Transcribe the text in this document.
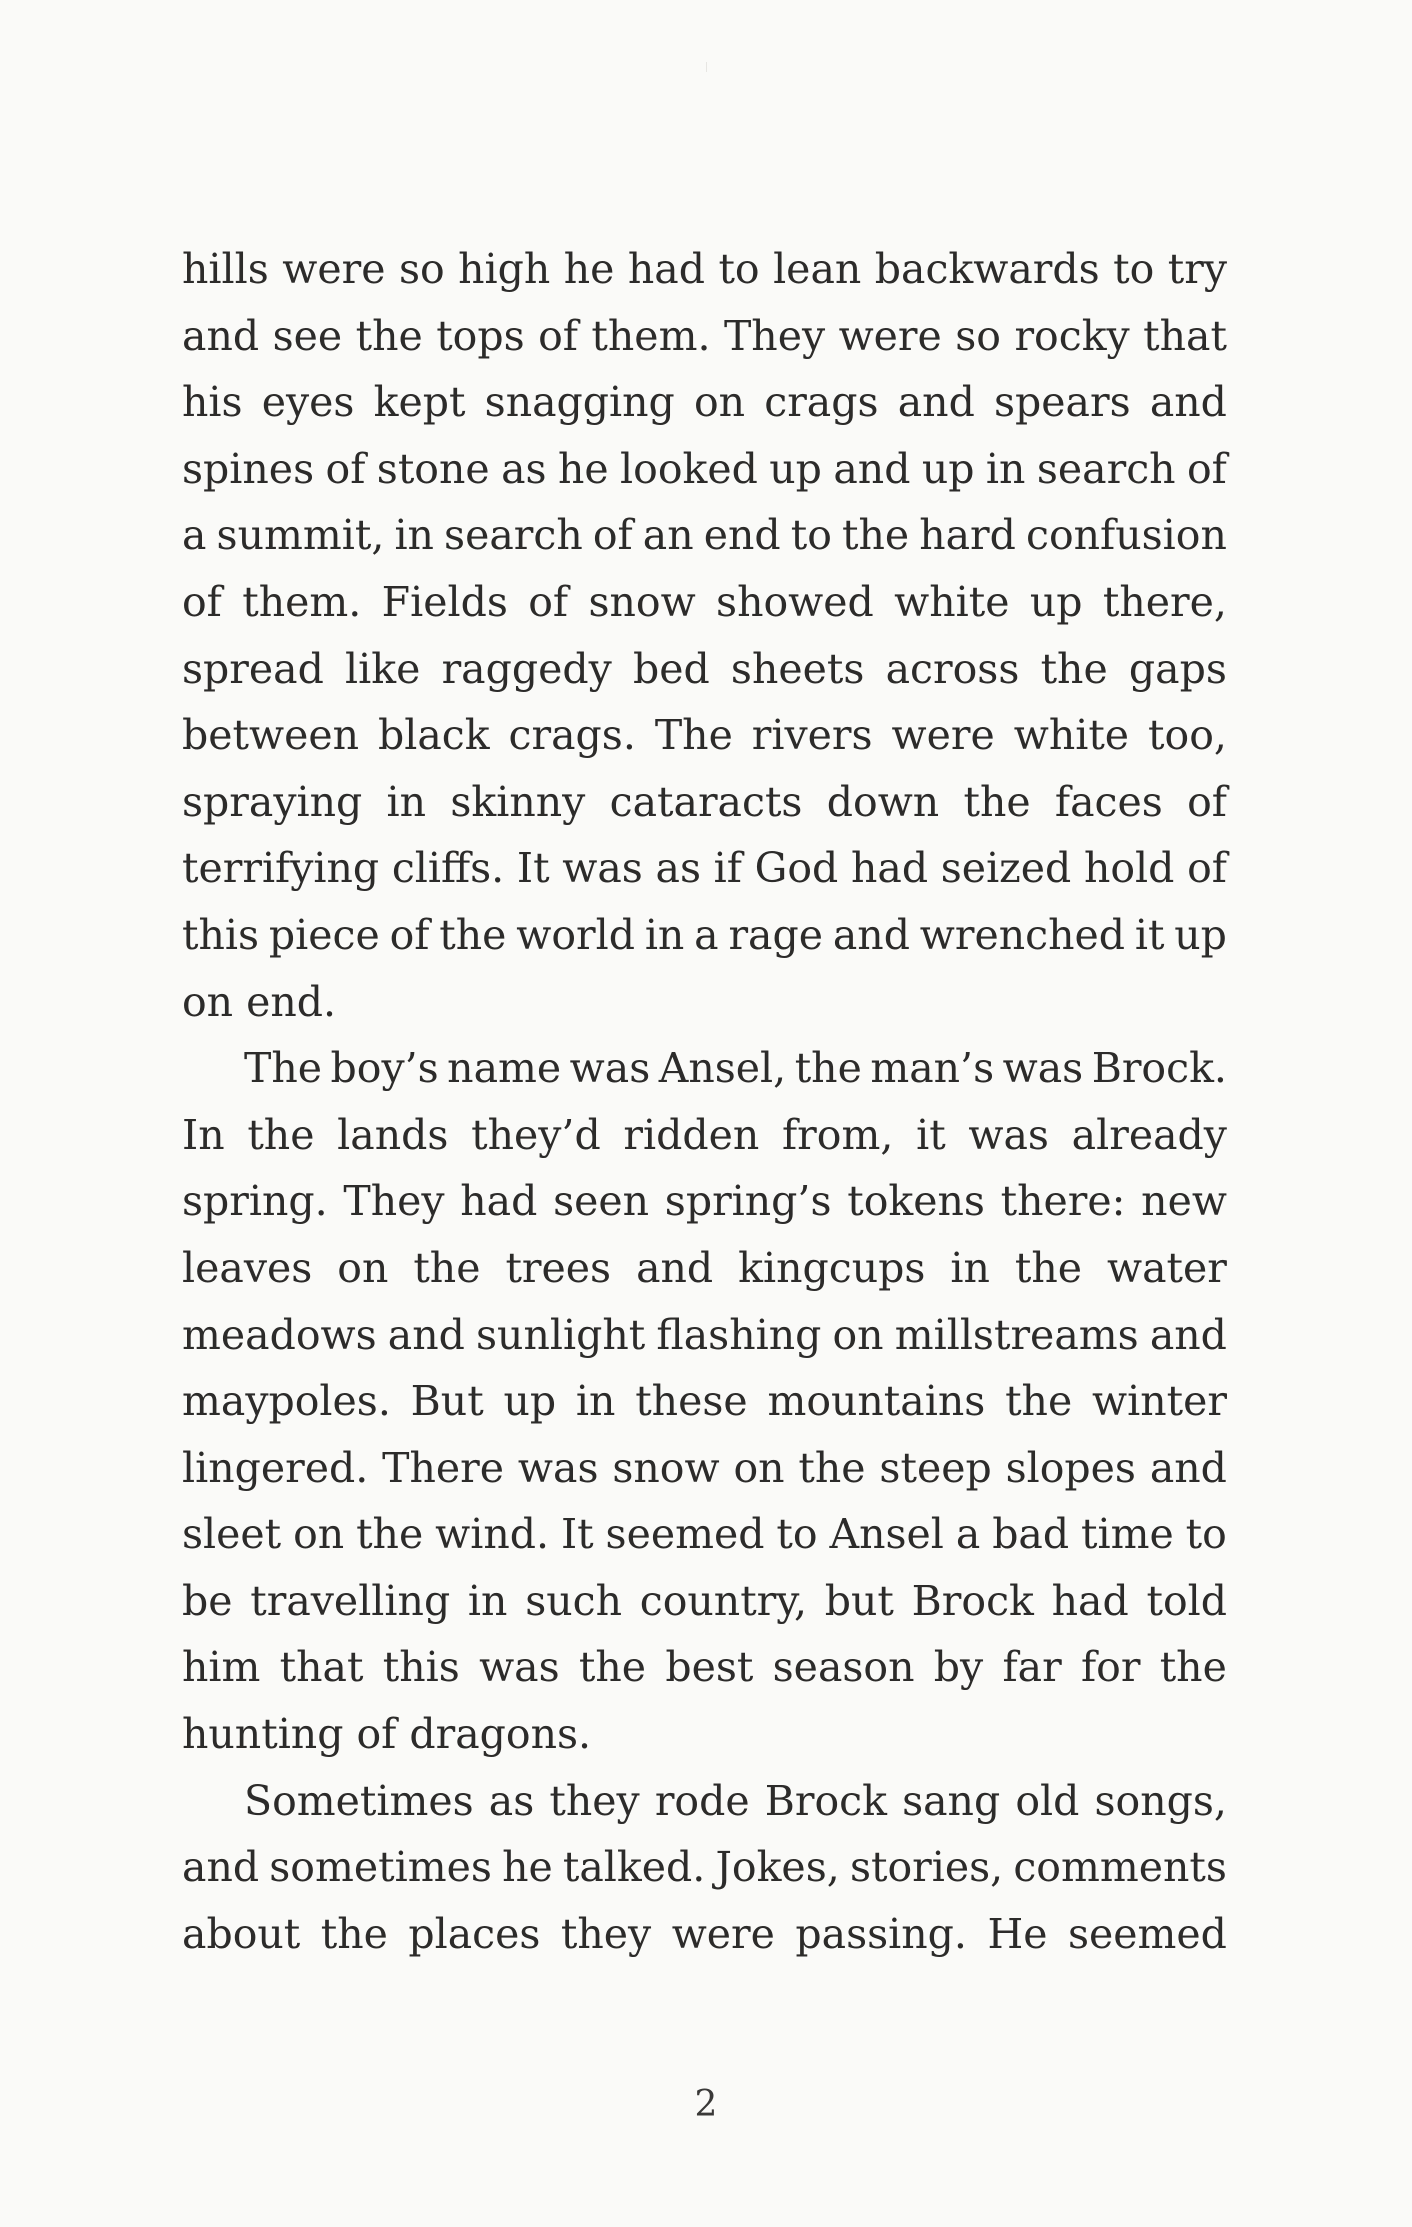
hills were so high he had to lean backwards to try
and see the tops of them. They were so rocky that
his eyes kept snagging on crags and spears and
spines of stone as he looked up and up in search of
a summit, in search of an end to the hard confusion
of them. Fields of snow showed white up there,
spread like raggedy bed sheets across the gaps
between black crags. The rivers were white too,
spraying in skinny cataracts down the faces of
terrifying cliffs. It was as if God had seized hold of
this piece of the world in a rage and wrenched it up
on end.
The boy’s name was Ansel, the man’s was Brock.
In the lands they’d ridden from, it was already
spring. They had seen spring’s tokens there: new
leaves on the trees and kingcups in the water
meadows and sunlight flashing on millstreams and
maypoles. But up in these mountains the winter
lingered. There was snow on the steep slopes and
sleet on the wind. It seemed to Ansel a bad time to
be travelling in such country, but Brock had told
him that this was the best season by far for the
hunting of dragons.
Sometimes as they rode Brock sang old songs,
and sometimes he talked. Jokes, stories, comments
about the places they were passing. He seemed
2
